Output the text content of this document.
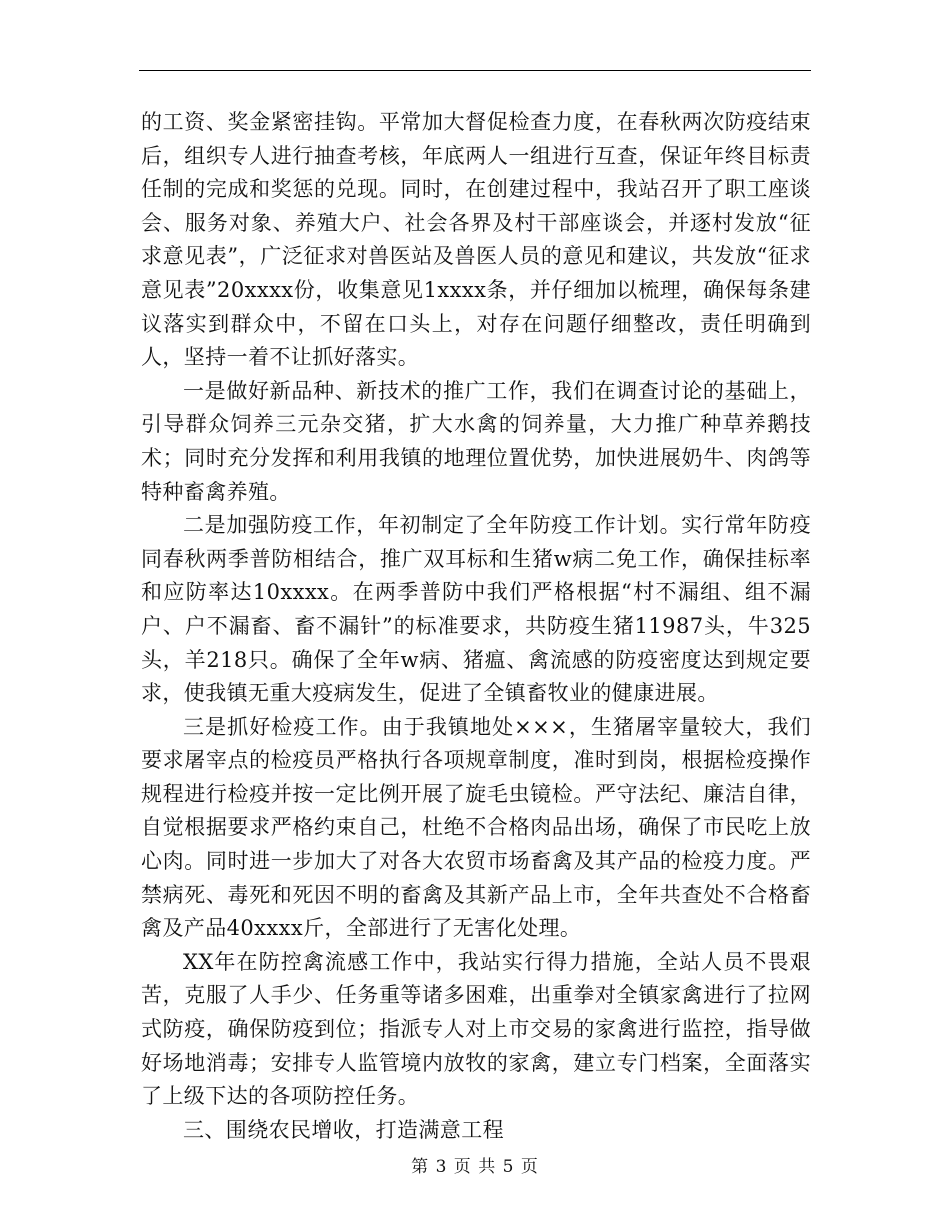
的工资、奖金紧密挂钩。平常加大督促检查力度，在春秋两次防疫结束后，组织专人进行抽查考核，年底两人一组进行互查，保证年终目标责任制的完成和奖惩的兑现。同时，在创建过程中，我站召开了职工座谈会、服务对象、养殖大户、社会各界及村干部座谈会，并逐村发放“征求意见表”，广泛征求对兽医站及兽医人员的意见和建议，共发放“征求意见表”20xxxx份，收集意见1xxxx条，并仔细加以梳理，确保每条建议落实到群众中，不留在口头上，对存在问题仔细整改，责任明确到人，坚持一着不让抓好落实。

一是做好新品种、新技术的推广工作，我们在调查讨论的基础上，引导群众饲养三元杂交猪，扩大水禽的饲养量，大力推广种草养鹅技术；同时充分发挥和利用我镇的地理位置优势，加快进展奶牛、肉鸽等特种畜禽养殖。

二是加强防疫工作，年初制定了全年防疫工作计划。实行常年防疫同春秋两季普防相结合，推广双耳标和生猪w病二免工作，确保挂标率和应防率达10xxxx。在两季普防中我们严格根据“村不漏组、组不漏户、户不漏畜、畜不漏针”的标准要求，共防疫生猪11987头，牛325头，羊218只。确保了全年w病、猪瘟、禽流感的防疫密度达到规定要求，使我镇无重大疫病发生，促进了全镇畜牧业的健康进展。

三是抓好检疫工作。由于我镇地处×××，生猪屠宰量较大，我们要求屠宰点的检疫员严格执行各项规章制度，准时到岗，根据检疫操作规程进行检疫并按一定比例开展了旋毛虫镜检。严守法纪、廉洁自律，自觉根据要求严格约束自己，杜绝不合格肉品出场，确保了市民吃上放心肉。同时进一步加大了对各大农贸市场畜禽及其产品的检疫力度。严禁病死、毒死和死因不明的畜禽及其新产品上市，全年共查处不合格畜禽及产品40xxxx斤，全部进行了无害化处理。

XX年在防控禽流感工作中，我站实行得力措施，全站人员不畏艰苦，克服了人手少、任务重等诸多困难，出重拳对全镇家禽进行了拉网式防疫，确保防疫到位；指派专人对上市交易的家禽进行监控，指导做好场地消毒；安排专人监管境内放牧的家禽，建立专门档案，全面落实了上级下达的各项防控任务。

三、围绕农民增收，打造满意工程

第 3 页 共 5 页
